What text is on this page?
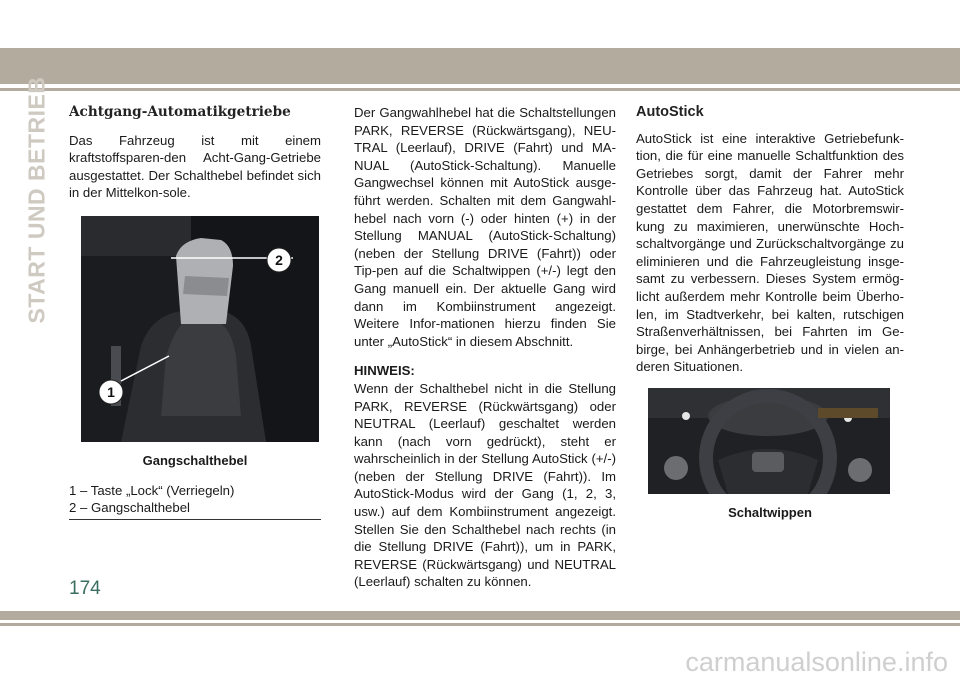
START UND BETRIEB Achtgang-Automatikgetriebe

Das Fahrzeug ist mit einem kraftstoffsparen-den Acht-Gang-Getriebe ausgestattet. Der Schalthebel befindet sich in der Mittelkon-sole.

2
1
Gangschalthebel

1 – Taste „Lock“ (Verriegeln)

2 – Gangschalthebel

Der Gangwahlhebel hat die Schaltstellungen PARK, REVERSE (Rückwärtsgang), NEU-TRAL (Leerlauf), DRIVE (Fahrt) und MA-NUAL (AutoStick-Schaltung). Manuelle Gangwechsel können mit AutoStick ausge-führt werden. Schalten mit dem Gangwahl-hebel nach vorn (-) oder hinten (+) in der Stellung MANUAL (AutoStick-Schaltung) (neben der Stellung DRIVE (Fahrt)) oder Tip-pen auf die Schaltwippen (+/-) legt den Gang manuell ein. Der aktuelle Gang wird dann im Kombiinstrument angezeigt. Weitere Infor-mationen hierzu finden Sie unter „AutoStick“ in diesem Abschnitt.

HINWEIS:

Wenn der Schalthebel nicht in die Stellung PARK, REVERSE (Rückwärtsgang) oder NEUTRAL (Leerlauf) geschaltet werden kann (nach vorn gedrückt), steht er wahrscheinlich in der Stellung AutoStick (+/-) (neben der Stellung DRIVE (Fahrt)). Im AutoStick-Modus wird der Gang (1, 2, 3, usw.) auf dem Kombiinstrument angezeigt. Stellen Sie den Schalthebel nach rechts (in die Stellung DRIVE (Fahrt)), um in PARK, REVERSE (Rückwärtsgang) und NEUTRAL (Leerlauf) schalten zu können.

AutoStick

AutoStick ist eine interaktive Getriebefunk-tion, die für eine manuelle Schaltfunktion des Getriebes sorgt, damit der Fahrer mehr Kontrolle über das Fahrzeug hat. AutoStick gestattet dem Fahrer, die Motorbremswir-kung zu maximieren, unerwünschte Hoch-schaltvorgänge und Zurückschaltvorgänge zu eliminieren und die Fahrzeugleistung insge-samt zu verbessern. Dieses System ermög-licht außerdem mehr Kontrolle beim Überho-len, im Stadtverkehr, bei kalten, rutschigen Straßenverhältnissen, bei Fahrten im Ge-birge, bei Anhängerbetrieb und in vielen an-deren Situationen.

Schaltwippen
174
carmanualsonline.info
